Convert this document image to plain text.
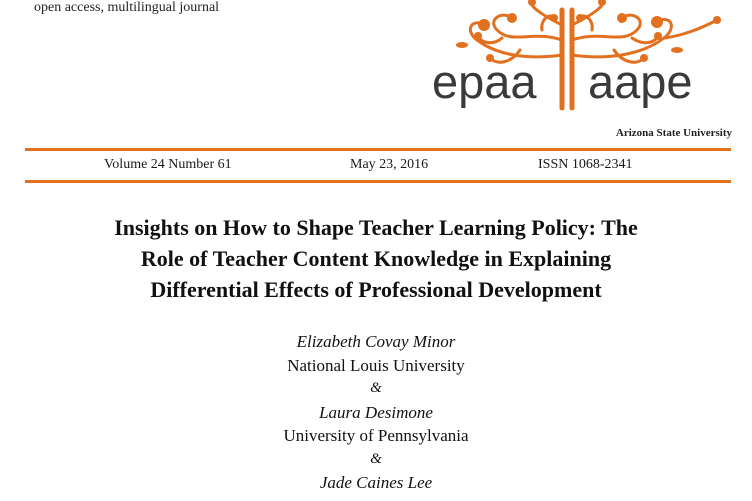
open access, multilingual journal
epaa aape
Arizona State University
Volume 24 Number 61	May 23, 2016	ISSN 1068-2341
Insights on How to Shape Teacher Learning Policy: The
Role of Teacher Content Knowledge in Explaining
Differential Effects of Professional Development
Elizabeth Covay Minor
National Louis University
&
Laura Desimone
University of Pennsylvania
&
Jade Caines Lee
